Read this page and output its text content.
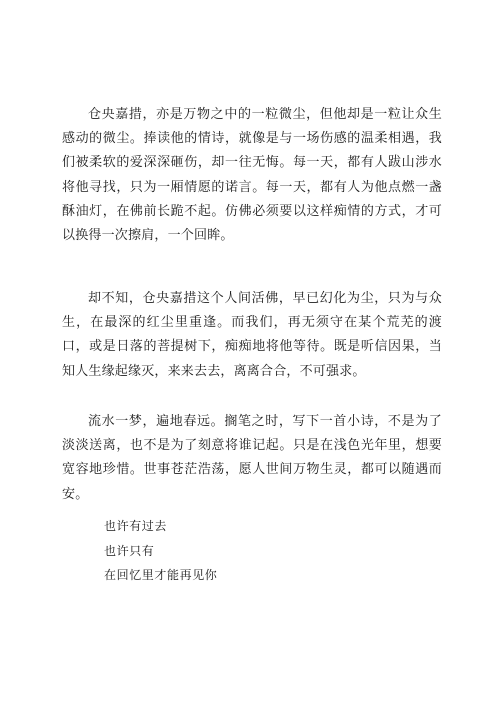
仓央嘉措，亦是万物之中的一粒微尘，但他却是一粒让众生感动的微尘。捧读他的情诗，就像是与一场伤感的温柔相遇，我们被柔软的爱深深砸伤，却一往无悔。每一天，都有人跋山涉水将他寻找，只为一厢情愿的诺言。每一天，都有人为他点燃一盏酥油灯，在佛前长跪不起。仿佛必须要以这样痴情的方式，才可以换得一次擦肩，一个回眸。

却不知，仓央嘉措这个人间活佛，早已幻化为尘，只为与众生，在最深的红尘里重逢。而我们，再无须守在某个荒芜的渡口，或是日落的菩提树下，痴痴地将他等待。既是听信因果，当知人生缘起缘灭，来来去去，离离合合，不可强求。

流水一梦，遍地春远。搁笔之时，写下一首小诗，不是为了淡淡送离，也不是为了刻意将谁记起。只是在浅色光年里，想要宽容地珍惜。世事苍茫浩荡，愿人世间万物生灵，都可以随遇而安。

也许有过去
也许只有
在回忆里才能再见你
